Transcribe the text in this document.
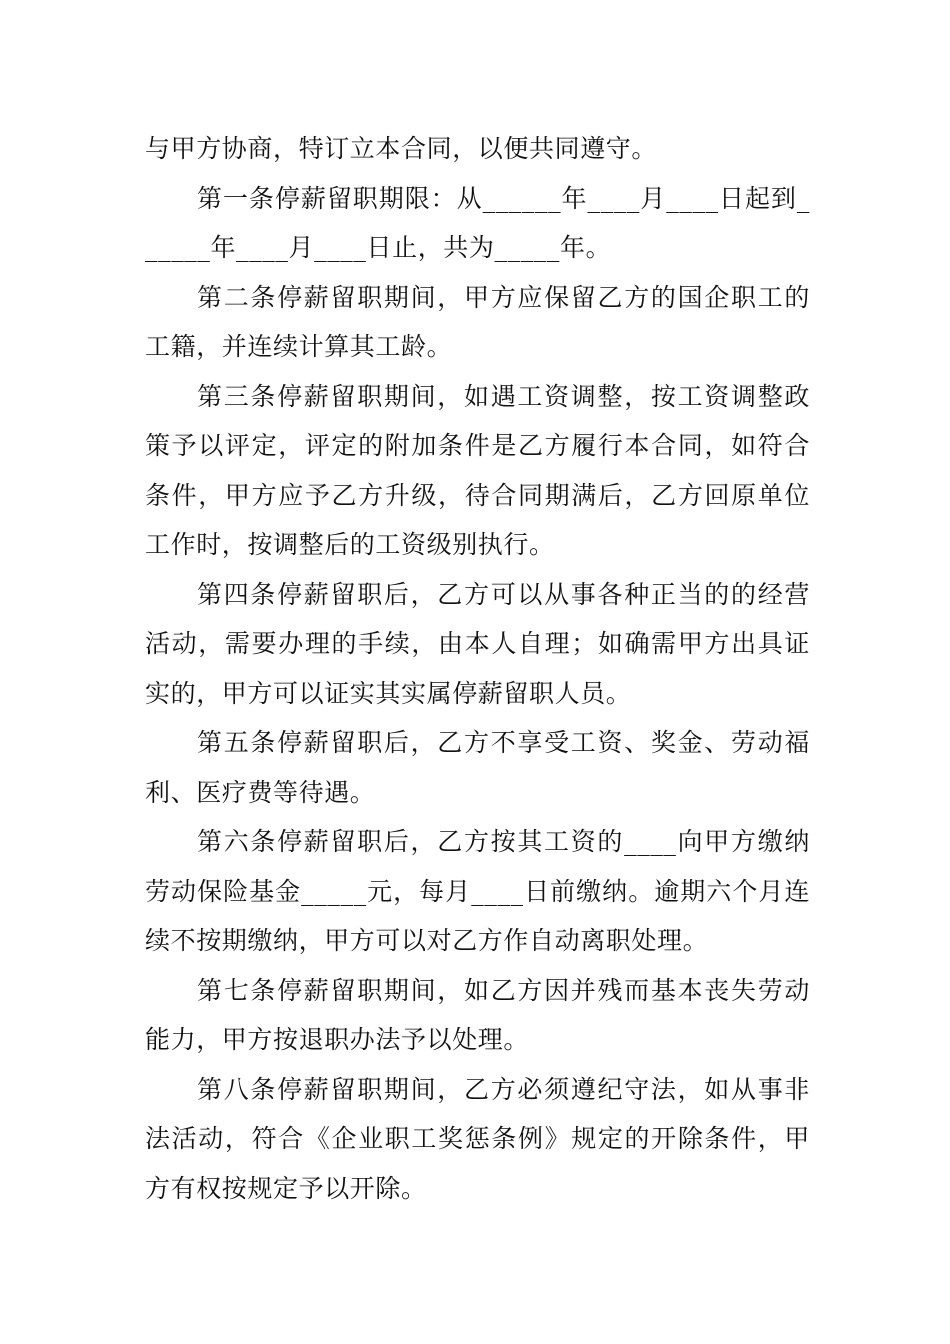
与甲方协商，特订立本合同，以便共同遵守。

第一条停薪留职期限：从______年____月____日起到______年____月____日止，共为_____年。

第二条停薪留职期间，甲方应保留乙方的国企职工的工籍，并连续计算其工龄。

第三条停薪留职期间，如遇工资调整，按工资调整政策予以评定，评定的附加条件是乙方履行本合同，如符合条件，甲方应予乙方升级，待合同期满后，乙方回原单位工作时，按调整后的工资级别执行。

第四条停薪留职后，乙方可以从事各种正当的的经营活动，需要办理的手续，由本人自理；如确需甲方出具证实的，甲方可以证实其实属停薪留职人员。

第五条停薪留职后，乙方不享受工资、奖金、劳动福利、医疗费等待遇。

第六条停薪留职后，乙方按其工资的____向甲方缴纳劳动保险基金_____元，每月____日前缴纳。逾期六个月连续不按期缴纳，甲方可以对乙方作自动离职处理。

第七条停薪留职期间，如乙方因并残而基本丧失劳动能力，甲方按退职办法予以处理。

第八条停薪留职期间，乙方必须遵纪守法，如从事非法活动，符合《企业职工奖惩条例》规定的开除条件，甲方有权按规定予以开除。
